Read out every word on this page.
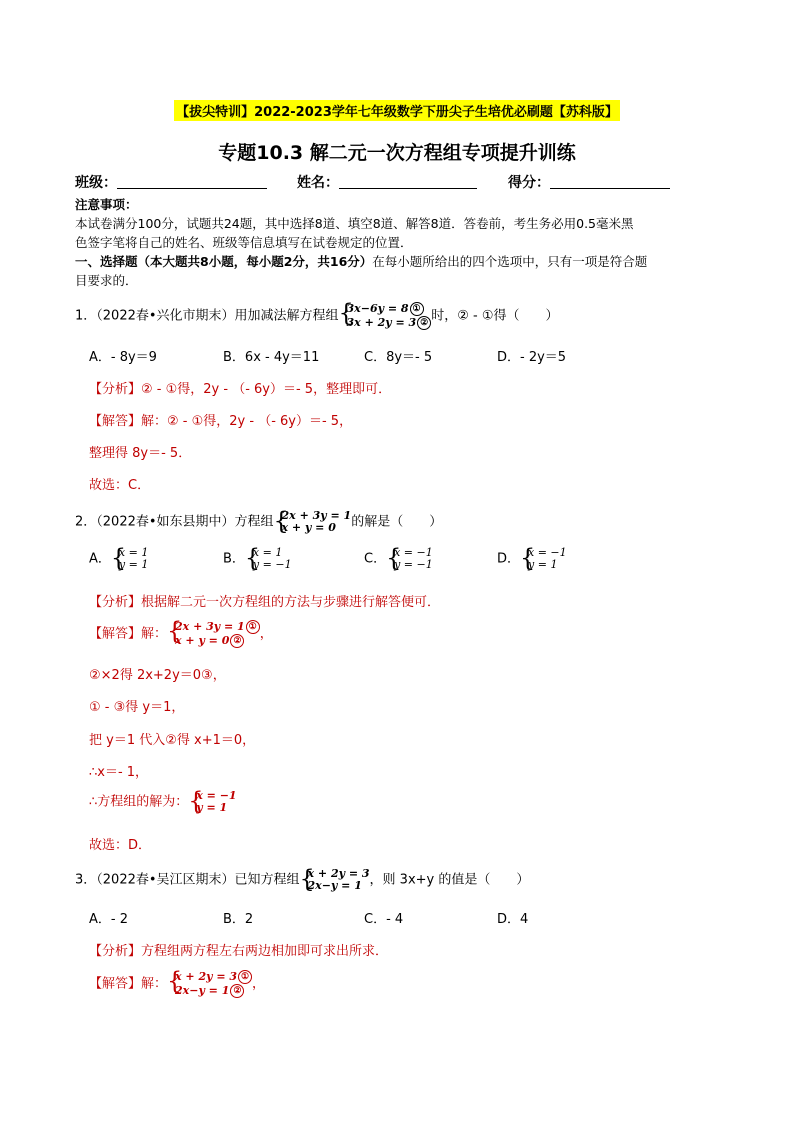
【拔尖特训】2022-2023学年七年级数学下册尖子生培优必刷题【苏科版】
专题10.3 解二元一次方程组专项提升训练
班级：	姓名：	得分：
注意事项：
本试卷满分100分，试题共24题，其中选择8道、填空8道、解答8道．答卷前，考生务必用0.5毫米黑
色签字笔将自己的姓名、班级等信息填写在试卷规定的位置．
一、选择题（本大题共8小题，每小题2分，共16分）在每小题所给出的四个选项中，只有一项是符合题
目要求的．
1．（2022春•兴化市期末）用加减法解方程组 {
3x−6y = 8 ①
3x + 2y = 3 ② 时，② - ①得（　　）
A．- 8y＝9	B．6x - 4y＝11	C．8y＝- 5	D．- 2y＝5
【分析】② - ①得，2y - （- 6y）＝- 5，整理即可．
【解答】解：② - ①得，2y - （- 6y）＝- 5，
整理得 8y＝- 5．
故选：C．
2．（2022春•如东县期中）方程组 {
2x + 3y = 1
x + y = 0	的解是（　　）
A． {
x = 1
y = 1	B． {
x = 1
y = −1	C． {
x = −1
y = −1	D． {
x = −1
y = 1
【分析】根据解二元一次方程组的方法与步骤进行解答便可．
【解答】解： {
2x + 3y = 1 ①
x + y = 0 ②	，
②×2得 2x+2y＝0③，
① - ③得 y＝1，
把 y＝1 代入②得 x+1＝0，
∴x＝- 1，
∴方程组的解为： {
x = −1
y = 1
故选：D．
3．（2022春•吴江区期末）已知方程组 {
x + 2y = 3
2x−y = 1 ，则 3x+y 的值是（　　）
A．- 2	B．2	C．- 4	D．4
【分析】方程组两方程左右两边相加即可求出所求．
【解答】解： {
x + 2y = 3 ①
2x−y = 1 ② ，
